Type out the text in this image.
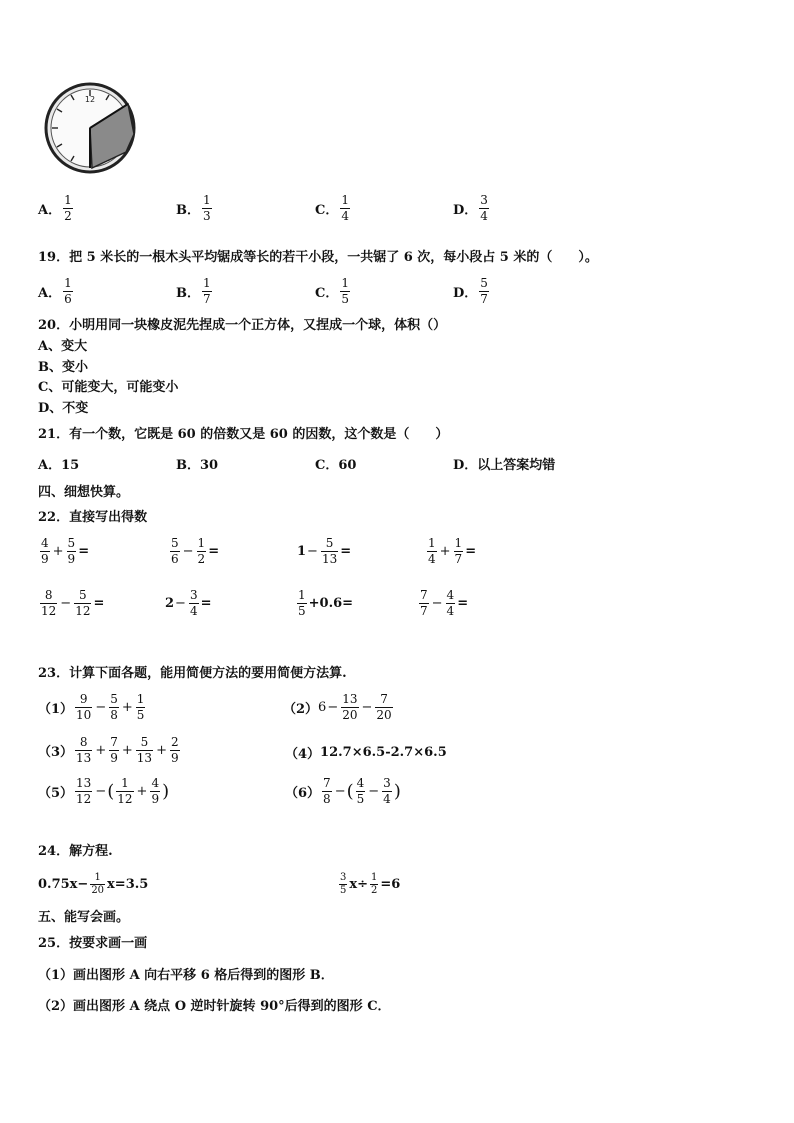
12
A． $\frac{1}{2}$	B． $\frac{1}{3}$	C． $\frac{1}{4}$	D． $\frac{3}{4}$
19．把 5 米长的一根木头平均锯成等长的若干小段，一共锯了 6 次，每小段占 5 米的（　　）。
A． $\frac{1}{6}$	B． $\frac{1}{7}$	C． $\frac{1}{5}$	D． $\frac{5}{7}$
20．小明用同一块橡皮泥先捏成一个正方体，又捏成一个球，体积（）
A、变大
B、变小
C、可能变大，可能变小
D、不变
21．有一个数，它既是 60 的倍数又是 60 的因数，这个数是（　　）
A．15	B．30	C．60	D．以上答案均错
四、细想快算。
22．直接写出得数
$\frac{4}{9} + \frac{5}{9}$ =	$\frac{5}{6} - \frac{1}{2}$ =	$1 - \frac{5}{13}$ =	$\frac{1}{4} + \frac{1}{7}$ =
$\frac{8}{12} - \frac{5}{12}$ =	$2 - \frac{3}{4}$ =	$\frac{1}{5} +0.6=$	$\frac{7}{7} - \frac{4}{4}$ =
23．计算下面各题，能用简便方法的要用简便方法算.
$(1) \frac{9}{10} - \frac{5}{8} + \frac{1}{5}$	（2） $6 - \frac{13}{20} - \frac{7}{20}$
$(3) \frac{8}{13} + \frac{7}{9} + \frac{5}{13} + \frac{2}{9}$	（4） 12.7×6.5-2.7×6.5
$(5) \frac{13}{12}$ − ( $\frac{1}{12} + \frac{4}{9}$ )	$(6) \frac{7}{8}$ − ( $\frac{4}{5} - \frac{3}{4}$ )
24．解方程.
$0.75x- \frac{1}{20} x=3.5$	$\frac{3}{5} x\div \frac{1}{2} =6$
五、能写会画。
25．按要求画一画
（1）画出图形 A 向右平移 6 格后得到的图形 B．
（2）画出图形 A 绕点 O 逆时针旋转 90°后得到的图形 C．
